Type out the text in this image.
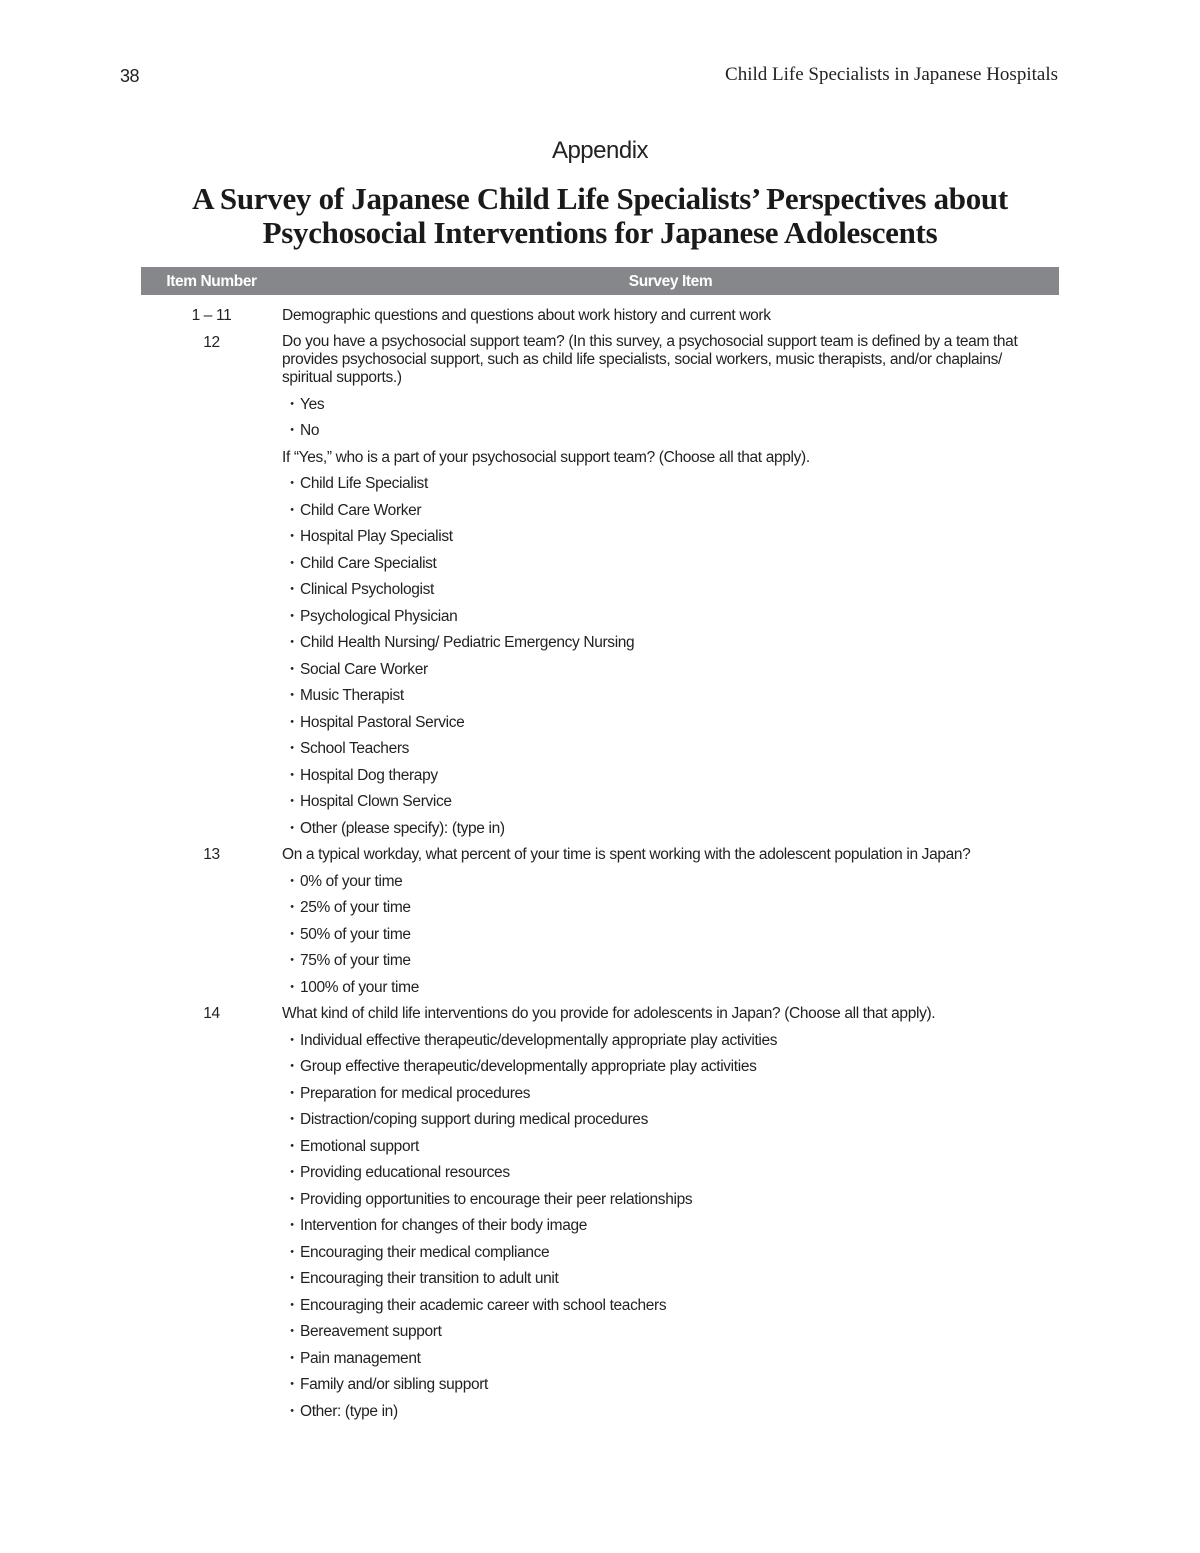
38	Child Life Specialists in Japanese Hospitals
Appendix
A Survey of Japanese Child Life Specialists’ Perspectives about
Psychosocial Interventions for Japanese Adolescents
Item Number	Survey Item
1 – 11	Demographic questions and questions about work history and current work
12	Do you have a psychosocial support team? (In this survey, a psychosocial support team is defined by a team that provides psychosocial support, such as child life specialists, social workers, music therapists, and/or chaplains/ spiritual supports.)
・Yes
・No
If “Yes,” who is a part of your psychosocial support team? (Choose all that apply).
・Child Life Specialist
・Child Care Worker
・Hospital Play Specialist
・Child Care Specialist
・Clinical Psychologist
・Psychological Physician
・Child Health Nursing/ Pediatric Emergency Nursing
・Social Care Worker
・Music Therapist
・Hospital Pastoral Service
・School Teachers
・Hospital Dog therapy
・Hospital Clown Service
・Other (please specify): (type in)
13	On a typical workday, what percent of your time is spent working with the adolescent population in Japan?
・0% of your time
・25% of your time
・50% of your time
・75% of your time
・100% of your time
14	What kind of child life interventions do you provide for adolescents in Japan? (Choose all that apply).
・Individual effective therapeutic/developmentally appropriate play activities
・Group effective therapeutic/developmentally appropriate play activities
・Preparation for medical procedures
・Distraction/coping support during medical procedures
・Emotional support
・Providing educational resources
・Providing opportunities to encourage their peer relationships
・Intervention for changes of their body image
・Encouraging their medical compliance
・Encouraging their transition to adult unit
・Encouraging their academic career with school teachers
・Bereavement support
・Pain management
・Family and/or sibling support
・Other: (type in)
